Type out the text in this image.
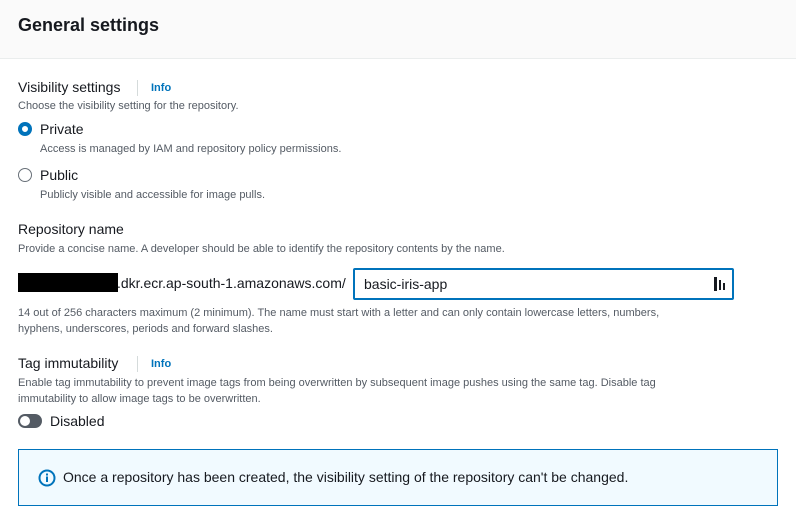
General settings
Visibility settings	Info
Choose the visibility setting for the repository.
Private
Access is managed by IAM and repository policy permissions.
Public
Publicly visible and accessible for image pulls.
Repository name
Provide a concise name. A developer should be able to identify the repository contents by the name.
.dkr.ecr.ap-south-1.amazonaws.com/ basic-iris-app
14 out of 256 characters maximum (2 minimum). The name must start with a letter and can only contain lowercase letters, numbers,
hyphens, underscores, periods and forward slashes.
Tag immutability	Info
Enable tag immutability to prevent image tags from being overwritten by subsequent image pushes using the same tag. Disable tag
immutability to allow image tags to be overwritten.
Disabled
Once a repository has been created, the visibility setting of the repository can't be changed.
